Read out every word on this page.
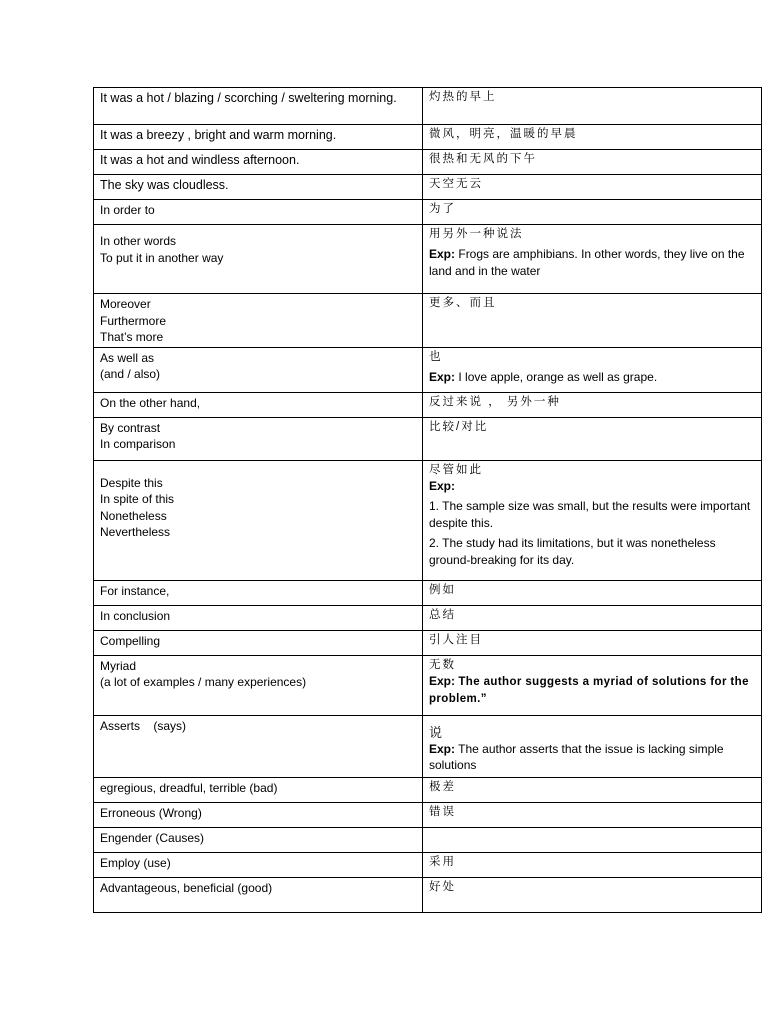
It was a hot / blazing / scorching / sweltering morning.	灼热的早上

It was a breezy , bright and warm morning.	微风，明亮，温暖的早晨

It was a hot and windless afternoon.	很热和无风的下午

The sky was cloudless.	天空无云

In order to	为了

In other words
To put it in another way	用另外一种说法
Exp: Frogs are amphibians. In other words, they live on the land and in the water

Moreover
Furthermore
That’s more	更多、而且

As well as
(and / also)	也
Exp: I love apple, orange as well as grape.

On the other hand,	反过来说 ， 另外一种

By contrast
In comparison	比较/对比

Despite this
In spite of this
Nonetheless
Nevertheless	尽管如此
Exp:
1. The sample size was small, but the results were important despite this.
2. The study had its limitations, but it was nonetheless ground-breaking for its day.

For instance,	例如

In conclusion	总结

Compelling	引人注目

Myriad
(a lot of examples / many experiences)	无数
Exp: The author suggests a myriad of solutions for the problem.”

Asserts    (says)	说
Exp: The author asserts that the issue is lacking simple solutions

egregious, dreadful, terrible (bad)	极差

Erroneous (Wrong)	错误

Engender (Causes)	

Employ (use)	采用

Advantageous, beneficial (good)	好处
